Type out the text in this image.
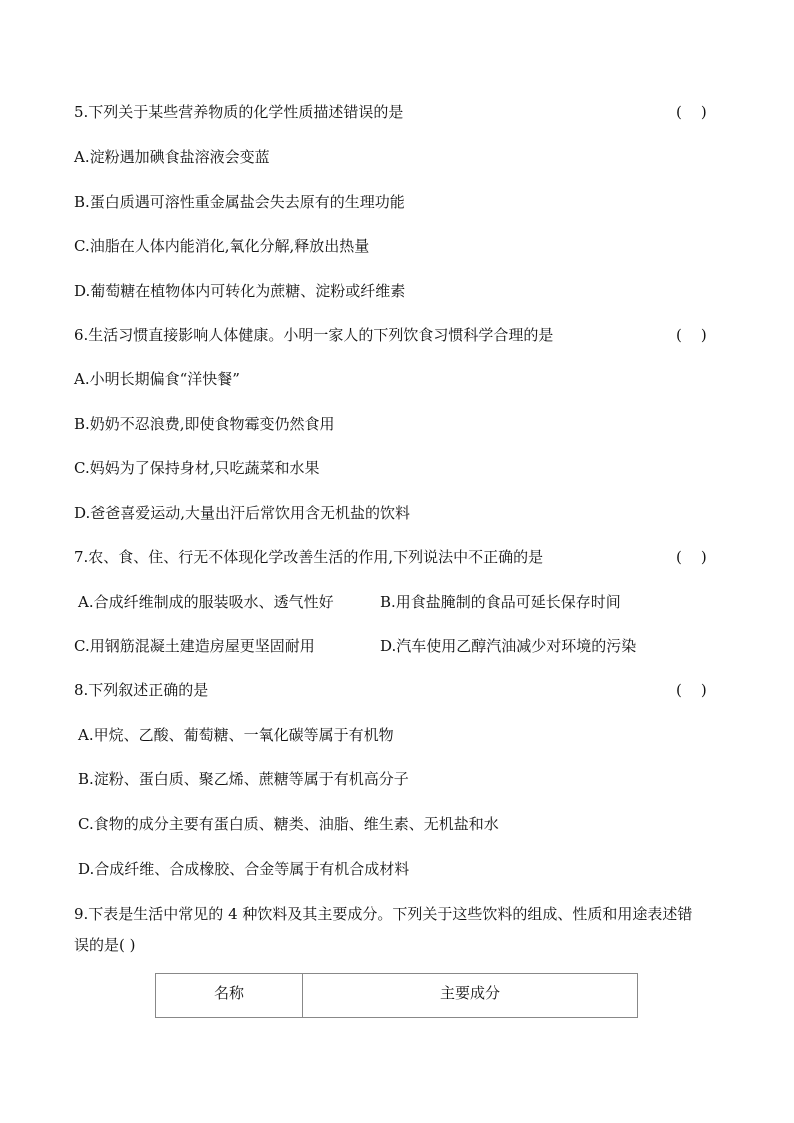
5.下列关于某些营养物质的化学性质描述错误的是	(    )
A.淀粉遇加碘食盐溶液会变蓝
B.蛋白质遇可溶性重金属盐会失去原有的生理功能
C.油脂在人体内能消化,氧化分解,释放出热量
D.葡萄糖在植物体内可转化为蔗糖、淀粉或纤维素
6.生活习惯直接影响人体健康。小明一家人的下列饮食习惯科学合理的是	(    )
A.小明长期偏食“洋快餐”
B.奶奶不忍浪费,即使食物霉变仍然食用
C.妈妈为了保持身材,只吃蔬菜和水果
D.爸爸喜爱运动,大量出汗后常饮用含无机盐的饮料
7.农、食、住、行无不体现化学改善生活的作用,下列说法中不正确的是	(    )
A.合成纤维制成的服装吸水、透气性好	B.用食盐腌制的食品可延长保存时间
C.用钢筋混凝土建造房屋更坚固耐用	D.汽车使用乙醇汽油减少对环境的污染
8.下列叙述正确的是	(    )
A.甲烷、乙酸、葡萄糖、一氧化碳等属于有机物
B.淀粉、蛋白质、聚乙烯、蔗糖等属于有机高分子
C.食物的成分主要有蛋白质、糖类、油脂、维生素、无机盐和水
D.合成纤维、合成橡胶、合金等属于有机合成材料
9.下表是生活中常见的 4 种饮料及其主要成分。下列关于这些饮料的组成、性质和用途表述错
误的是( )
名称	主要成分
